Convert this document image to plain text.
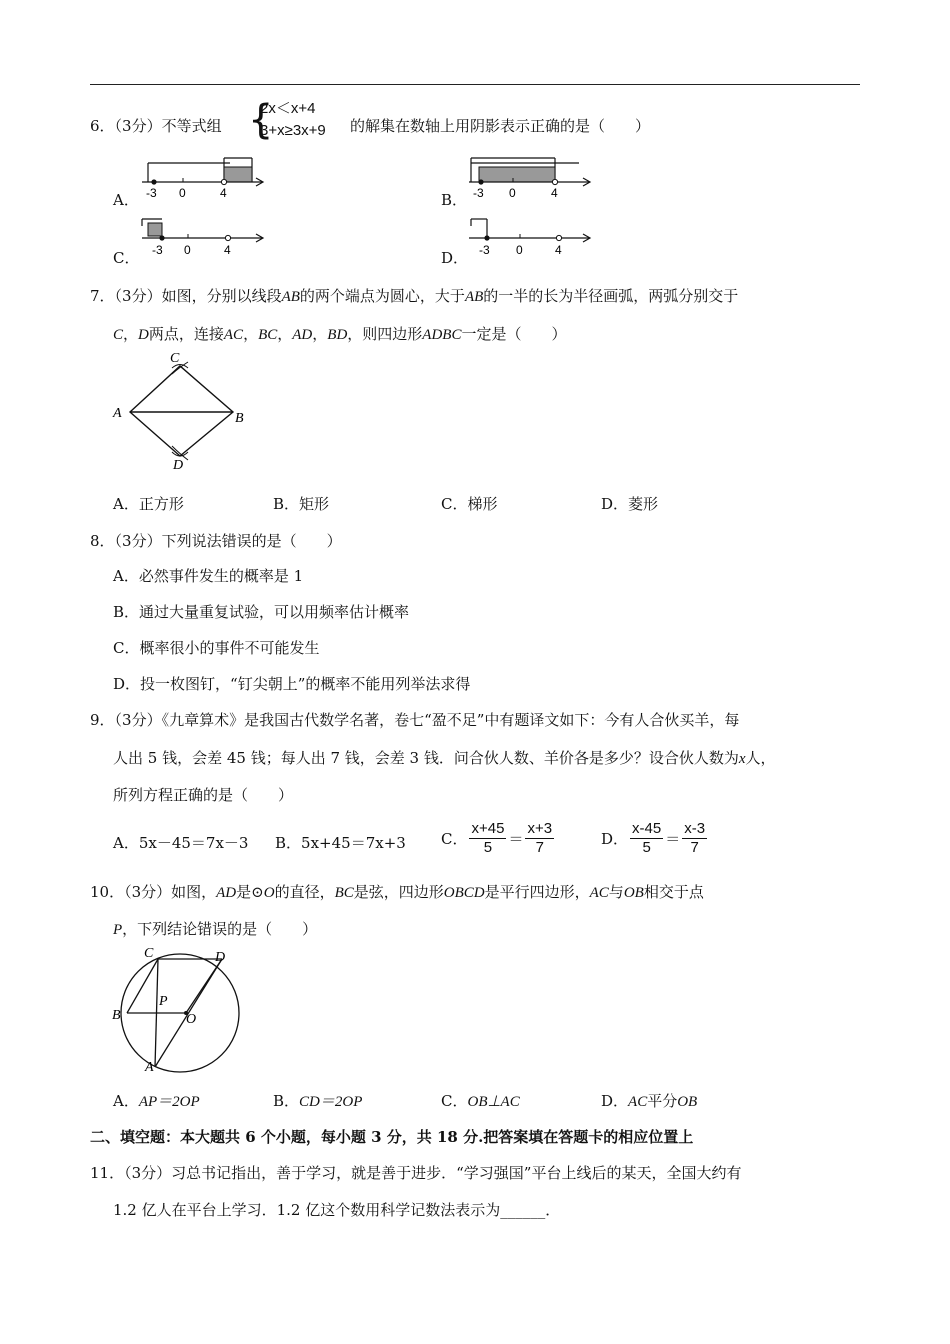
6．（3分）不等式组 {
2x＜x+4
3+x≥3x+9 的解集在数轴上用阴影表示正确的是（　　）
A． -3 0	4	B． -3 0	4
C． -3 0	4	D． -3 0	4
7．（3分）如图，分别以线段AB的两个端点为圆心，大于AB的一半的长为半径画弧，两弧分别交于
C，D两点，连接AC，BC，AD，BD，则四边形ADBC一定是（　　）
C
A	B
D
A．正方形	B．矩形	C．梯形	D．菱形
8．（3分）下列说法错误的是（　　）
A．必然事件发生的概率是 1
B．通过大量重复试验，可以用频率估计概率
C．概率很小的事件不可能发生
D．投一枚图钉，“钉尖朝上”的概率不能用列举法求得
9．（3分）《九章算术》是我国古代数学名著，卷七“盈不足”中有题译文如下：今有人合伙买羊，每
人出 5 钱，会差 45 钱；每人出 7 钱，会差 3 钱．问合伙人数、羊价各是多少？设合伙人数为x人，
所列方程正确的是（　　）
A．5x－45＝7x－3 B．5x+45＝7x+3 C． $\frac{x+45}{5} = \frac{x+3}{7}$	D． $\frac{x-45}{5} = \frac{x-3}{7}$
10．（3分）如图，AD是⊙O的直径，BC是弦，四边形OBCD是平行四边形，AC与OB相交于点
P，下列结论错误的是（　　）
C	D
P
B	O
A
A．AP＝2OP	B．CD＝2OP	C．OB⊥AC	D．AC平分OB
二、填空题：本大题共 6 个小题，每小题 3 分，共 18 分.把答案填在答题卡的相应位置上
11．（3分）习总书记指出，善于学习，就是善于进步．“学习强国”平台上线后的某天，全国大约有
1.2 亿人在平台上学习．1.2 亿这个数用科学记数法表示为______．
